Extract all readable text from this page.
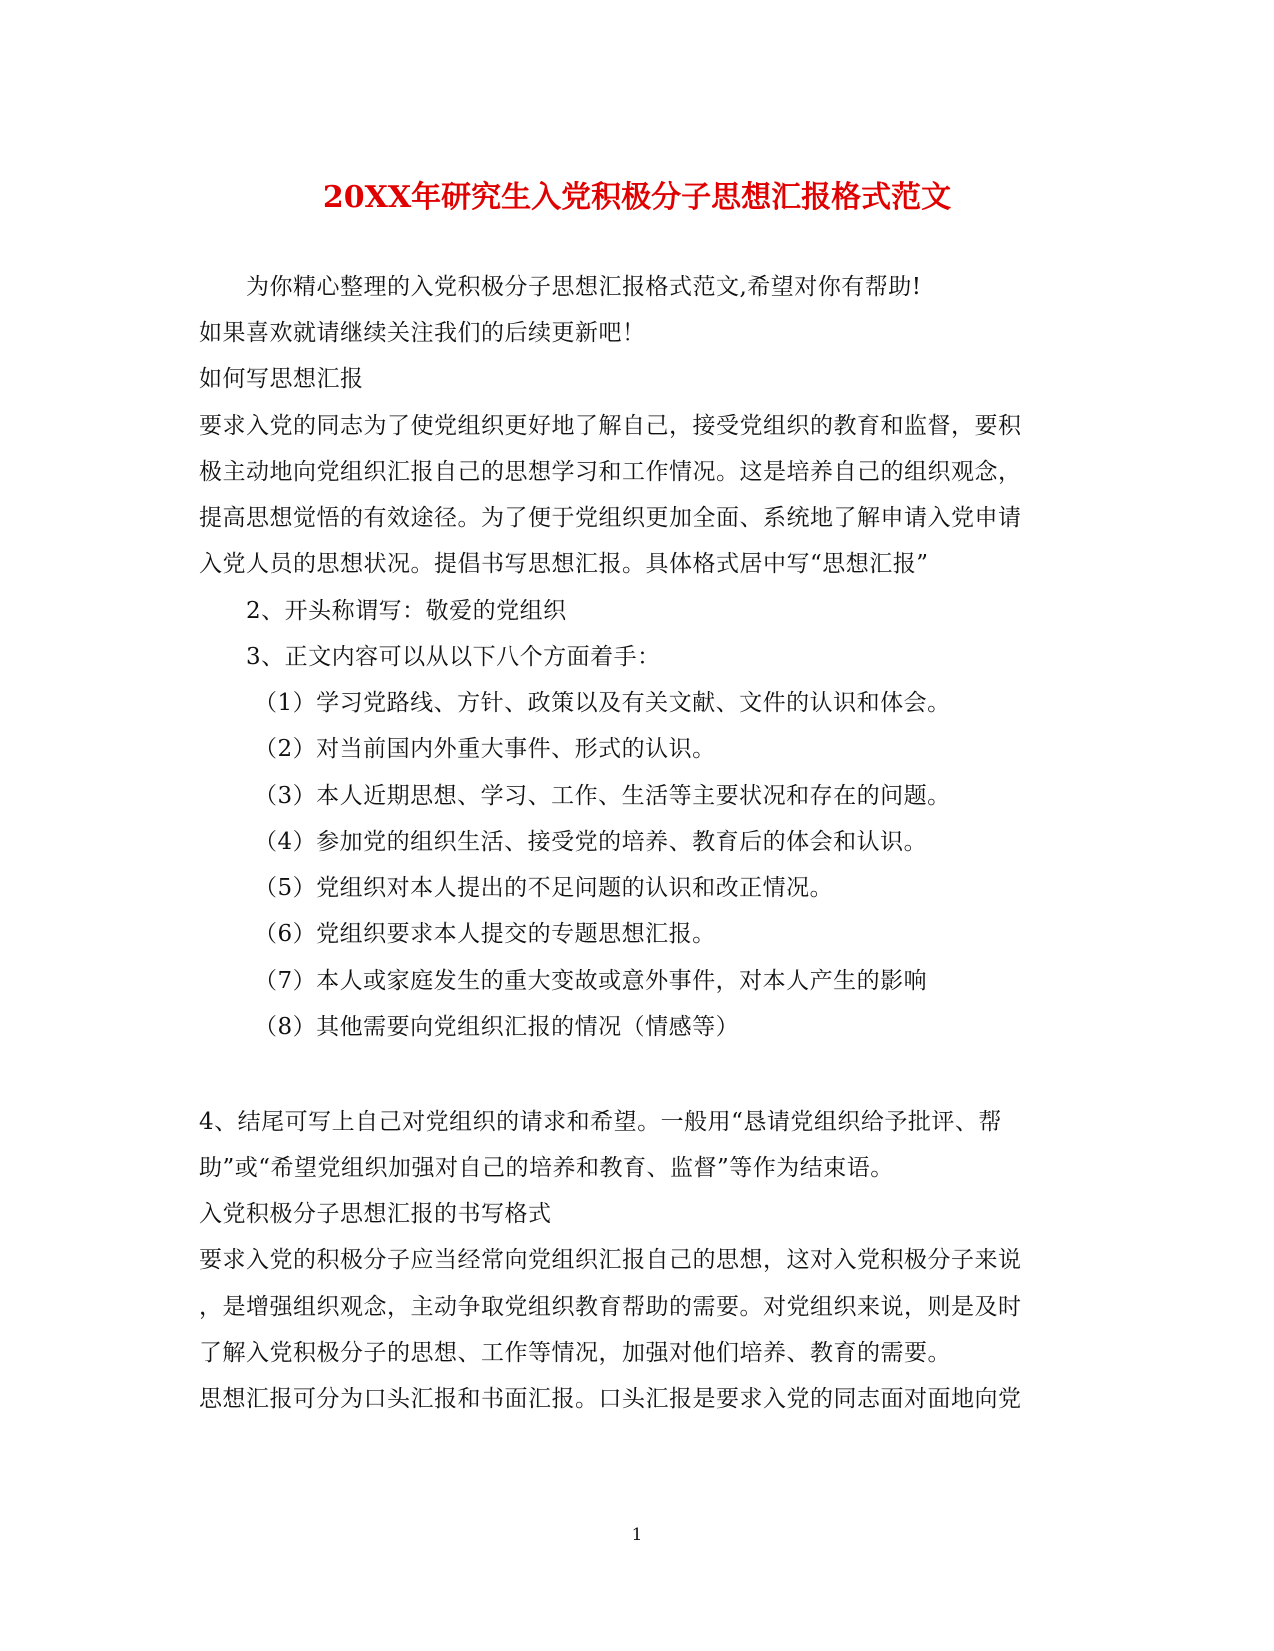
20XX年研究生入党积极分子思想汇报格式范文
为你精心整理的入党积极分子思想汇报格式范文,希望对你有帮助!
如果喜欢就请继续关注我们的后续更新吧！
如何写思想汇报
要求入党的同志为了使党组织更好地了解自己，接受党组织的教育和监督，要积
极主动地向党组织汇报自己的思想学习和工作情况。这是培养自己的组织观念，
提高思想觉悟的有效途径。为了便于党组织更加全面、系统地了解申请入党申请
入党人员的思想状况。提倡书写思想汇报。具体格式居中写“思想汇报”
2、开头称谓写：敬爱的党组织
3、正文内容可以从以下八个方面着手：
（1）学习党路线、方针、政策以及有关文献、文件的认识和体会。
（2）对当前国内外重大事件、形式的认识。
（3）本人近期思想、学习、工作、生活等主要状况和存在的问题。
（4）参加党的组织生活、接受党的培养、教育后的体会和认识。
（5）党组织对本人提出的不足问题的认识和改正情况。
（6）党组织要求本人提交的专题思想汇报。
（7）本人或家庭发生的重大变故或意外事件，对本人产生的影响
（8）其他需要向党组织汇报的情况（情感等）
4、结尾可写上自己对党组织的请求和希望。一般用“恳请党组织给予批评、帮
助”或“希望党组织加强对自己的培养和教育、监督”等作为结束语。
入党积极分子思想汇报的书写格式
要求入党的积极分子应当经常向党组织汇报自己的思想，这对入党积极分子来说
，是增强组织观念，主动争取党组织教育帮助的需要。对党组织来说，则是及时
了解入党积极分子的思想、工作等情况，加强对他们培养、教育的需要。
思想汇报可分为口头汇报和书面汇报。口头汇报是要求入党的同志面对面地向党
1
